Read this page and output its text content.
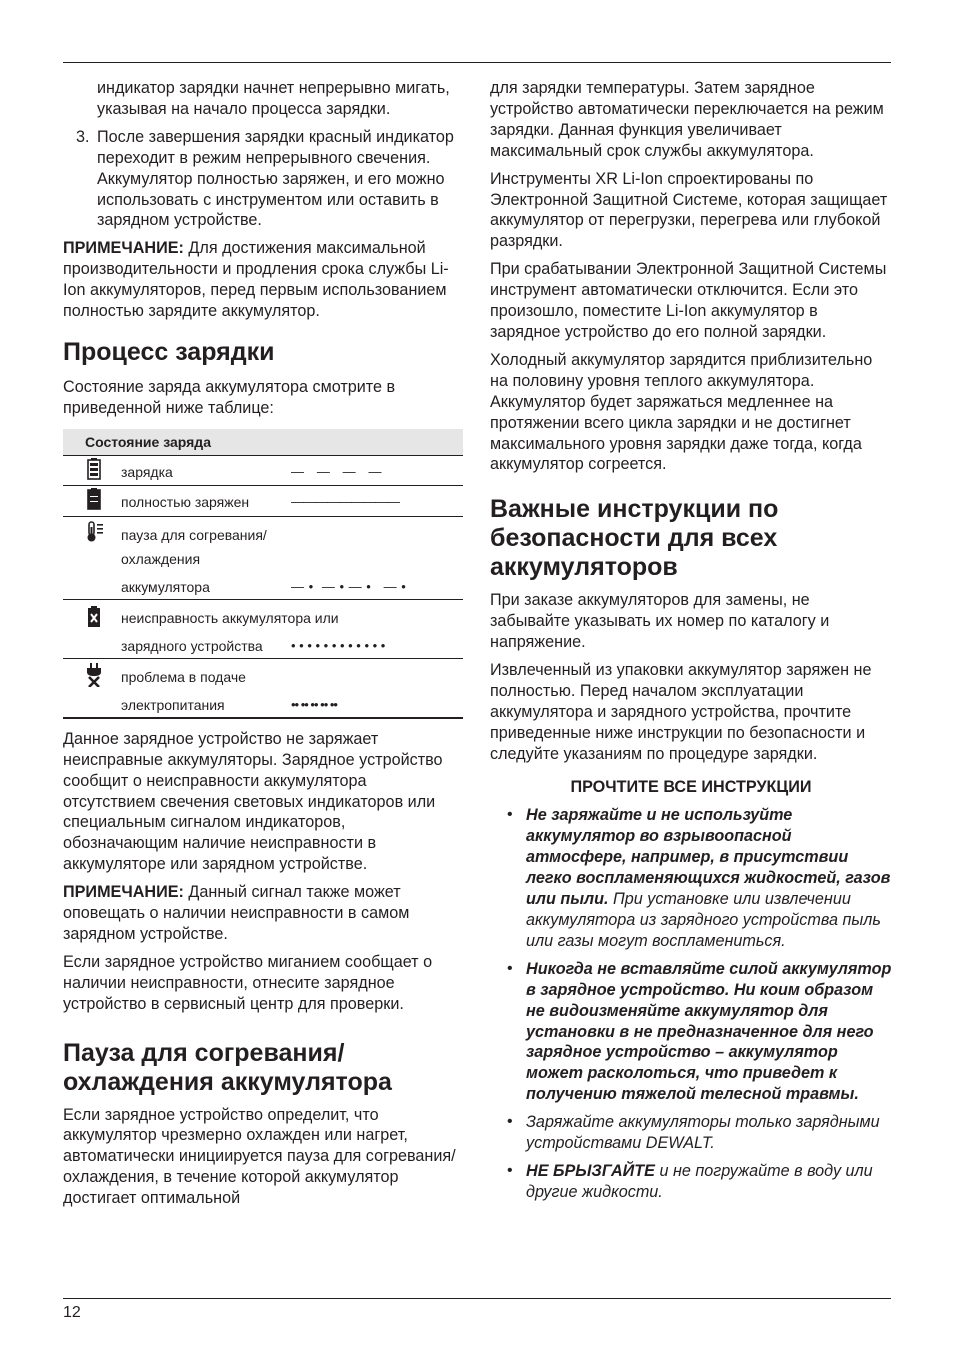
индикатор зарядки начнет непрерывно мигать, указывая на начало процесса зарядки.

3. После завершения зарядки красный индикатор переходит в режим непрерывного свечения. Аккумулятор полностью заряжен, и его можно использовать с инструментом или оставить в зарядном устройстве.

ПРИМЕЧАНИЕ: Для достижения максимальной производительности и продления срока службы Li-Ion аккумуляторов, перед первым использованием полностью зарядите аккумулятор.

Процесс зарядки

Состояние заряда аккумулятора смотрите в приведенной ниже таблице:

Состояние заряда
зарядка	—   —   —   —
полностью заряжен	—————————
пауза для согревания/
охлаждения
аккумулятора	— •  — • — •   — •
неисправность аккумулятора или
зарядного устройства • • • • • • • • • • • •
проблема в подаче
электропитания	•• •• •• •• ••

Данное зарядное устройство не заряжает неисправные аккумуляторы. Зарядное устройство сообщит о неисправности аккумулятора отсутствием свечения световых индикаторов или специальным сигналом индикаторов, обозначающим наличие неисправности в аккумуляторе или зарядном устройстве.

ПРИМЕЧАНИЕ: Данный сигнал также может оповещать о наличии неисправности в самом зарядном устройстве.

Если зарядное устройство миганием сообщает о наличии неисправности, отнесите зарядное устройство в сервисный центр для проверки.

Пауза для согревания/ охлаждения аккумулятора

Если зарядное устройство определит, что аккумулятор чрезмерно охлажден или нагрет, автоматически инициируется пауза для согревания/охлаждения, в течение которой аккумулятор достигает оптимальной

для зарядки температуры. Затем зарядное устройство автоматически переключается на режим зарядки. Данная функция увеличивает максимальный срок службы аккумулятора.

Инструменты XR Li-Ion спроектированы по Электронной Защитной Системе, которая защищает аккумулятор от перегрузки, перегрева или глубокой разрядки.

При срабатывании Электронной Защитной Системы инструмент автоматически отключится. Если это произошло, поместите Li-Ion аккумулятор в зарядное устройство до его полной зарядки.

Холодный аккумулятор зарядится приблизительно на половину уровня теплого аккумулятора. Аккумулятор будет заряжаться медленнее на протяжении всего цикла зарядки и не достигнет максимального уровня зарядки даже тогда, когда аккумулятор согреется.

Важные инструкции по безопасности для всех аккумуляторов

При заказе аккумуляторов для замены, не забывайте указывать их номер по каталогу и напряжение.

Извлеченный из упаковки аккумулятор заряжен не полностью. Перед началом эксплуатации аккумулятора и зарядного устройства, прочтите приведенные ниже инструкции по безопасности и следуйте указаниям по процедуре зарядки.

ПРОЧТИТЕ ВСЕ ИНСТРУКЦИИ
• Не заряжайте и не используйте аккумулятор во взрывоопасной атмосфере, например, в присутствии легко воспламеняющихся жидкостей, газов или пыли. При установке или извлечении аккумулятора из зарядного устройства пыль или газы могут воспламениться.

• Никогда не вставляйте силой аккумулятор в зарядное устройство. Ни коим образом не видоизменяйте аккумулятор для установки в не предназначенное для него зарядное устройство – аккумулятор может расколоться, что приведет к получению тяжелой телесной травмы.

• Заряжайте аккумуляторы только зарядными устройствами DEWALT.

• НЕ БРЫЗГАЙТЕ и не погружайте в воду или другие жидкости.

12
